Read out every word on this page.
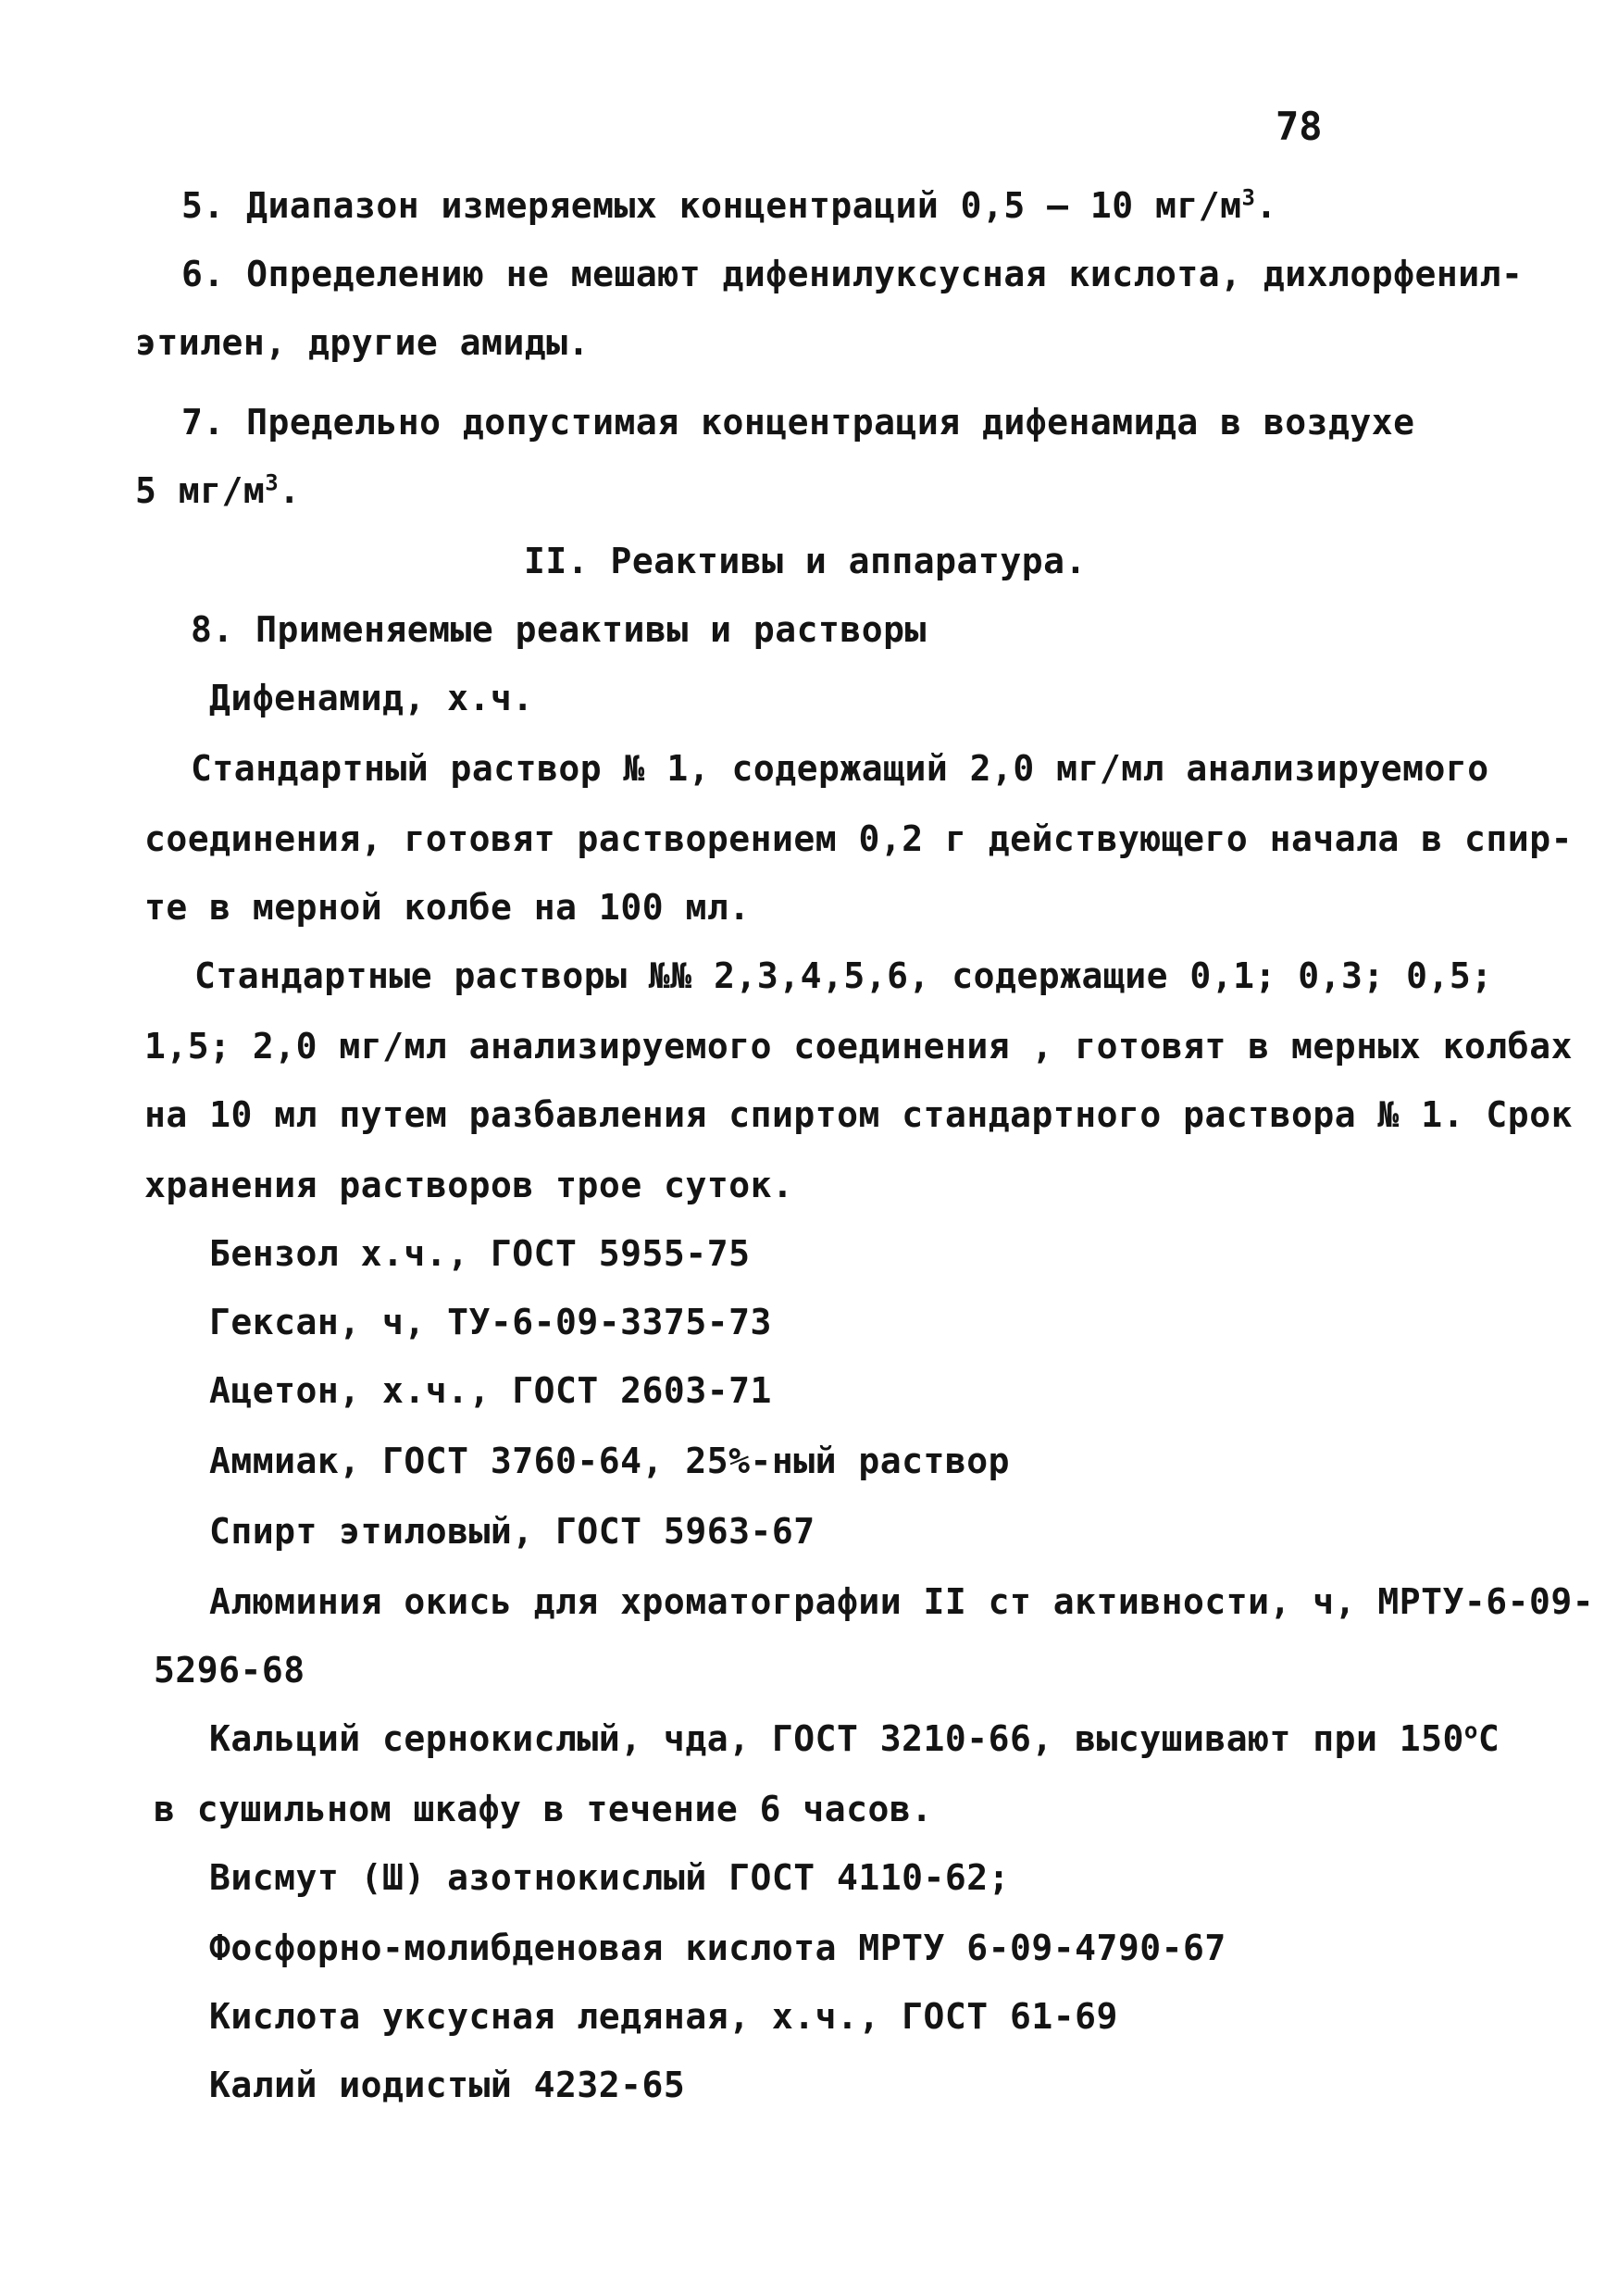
78
5. Диапазон измеряемых концентраций 0,5 – 10 $мг/м^3$.
6. Определению не мешают дифенилуксусная кислота, дихлорфенил-
этилен, другие амиды.
7. Предельно допустимая концентрация дифенамида в воздухе
5 $мг/м^3$.
II. Реактивы и аппаратура.
8. Применяемые реактивы и растворы
Дифенамид, х.ч.
Стандартный раствор № 1, содержащий 2,0 мг/мл анализируемого
соединения, готовят растворением 0,2 г действующего начала в спир-
те в мерной колбе на 100 мл.
Стандартные растворы №№ 2,3,4,5,6, содержащие 0,1; 0,3; 0,5;
1,5; 2,0 мг/мл анализируемого соединения , готовят в мерных колбах
на 10 мл путем разбавления спиртом стандартного раствора № 1. Срок
хранения растворов трое суток.
Бензол х.ч., ГОСТ 5955-75
Гексан, ч, ТУ-6-09-3375-73
Ацетон, х.ч., ГОСТ 2603-71
Аммиак, ГОСТ 3760-64, 25%-ный раствор
Спирт этиловый, ГОСТ 5963-67
Алюминия окись для хроматографии II ст активности, ч, МРТУ-6-09-
5296-68
Кальций сернокислый, чда, ГОСТ 3210-66, высушивают при $150^оС$
в сушильном шкафу в течение 6 часов.
Висмут (Ш) азотнокислый ГОСТ 4110-62;
Фосфорно-молибденовая кислота МРТУ 6-09-4790-67
Кислота уксусная ледяная, х.ч., ГОСТ 61-69
Калий иодистый 4232-65
